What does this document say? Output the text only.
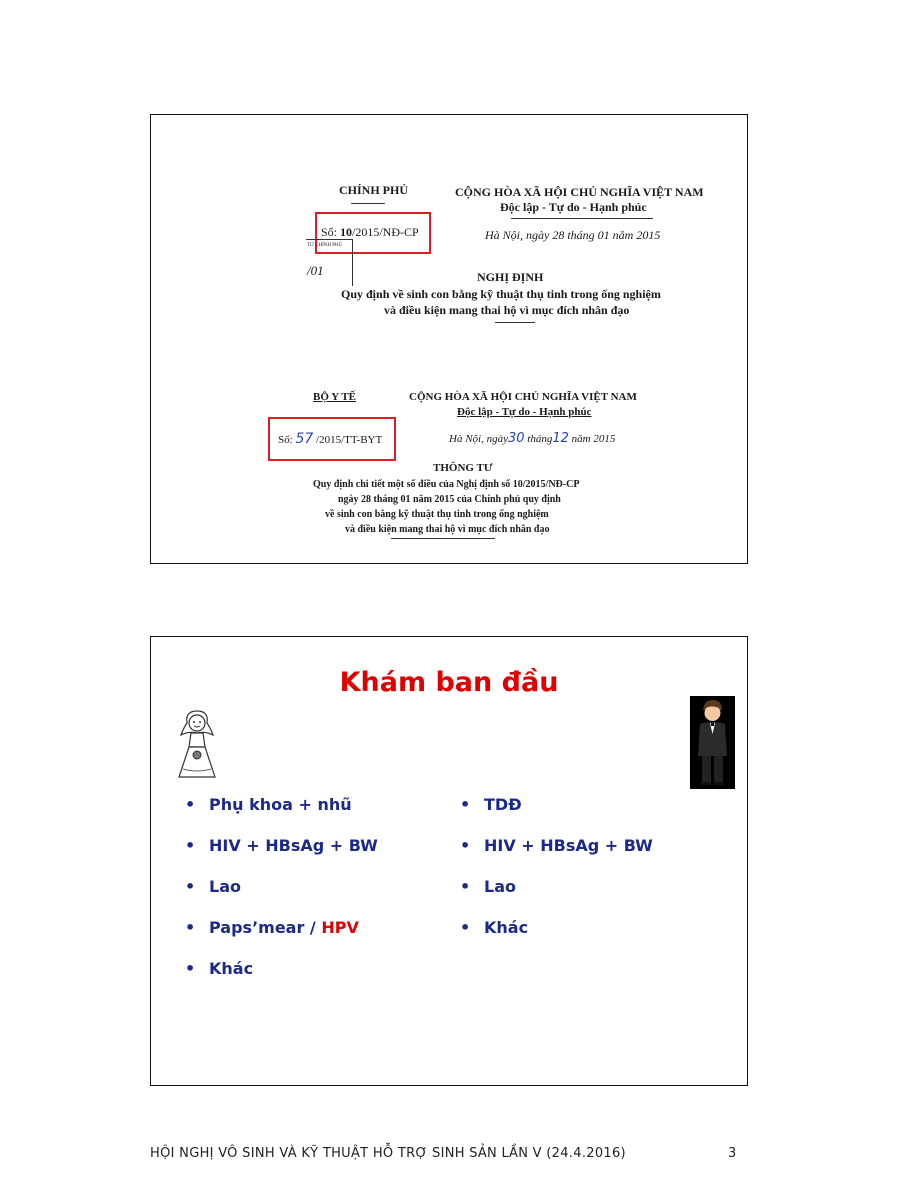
CHÍNH PHỦ	CỘNG HÒA XÃ HỘI CHỦ NGHĨA VIỆT NAM
Độc lập - Tự do - Hạnh phúc
Số: 10/2015/NĐ-CP	Hà Nội, ngày 28 tháng 01 năm 2015
TỬ CHÍNH PHỦ
/01	NGHỊ ĐỊNH
Quy định về sinh con bằng kỹ thuật thụ tinh trong ống nghiệm
và điều kiện mang thai hộ vì mục đích nhân đạo
BỘ Y TẾ	CỘNG HÒA XÃ HỘI CHỦ NGHĨA VIỆT NAM
Độc lập - Tự do - Hạnh phúc
Số: 57 /2015/TT-BYT	Hà Nội, ngày30 tháng12 năm 2015
THÔNG TƯ
Quy định chi tiết một số điều của Nghị định số 10/2015/NĐ-CP
ngày 28 tháng 01 năm 2015 của Chính phủ quy định
về sinh con bằng kỹ thuật thụ tinh trong ống nghiệm
và điều kiện mang thai hộ vì mục đích nhân đạo
Khám ban đầu
• Phụ khoa + nhũ
• HIV + HBsAg + BW
• Lao
• Paps’mear / HPV
• Khác
• TDĐ
• HIV + HBsAg + BW
• Lao
• Khác
HỘI NGHỊ VÔ SINH VÀ KỸ THUẬT HỖ TRỢ SINH SẢN LẦN V (24.4.2016)	3
